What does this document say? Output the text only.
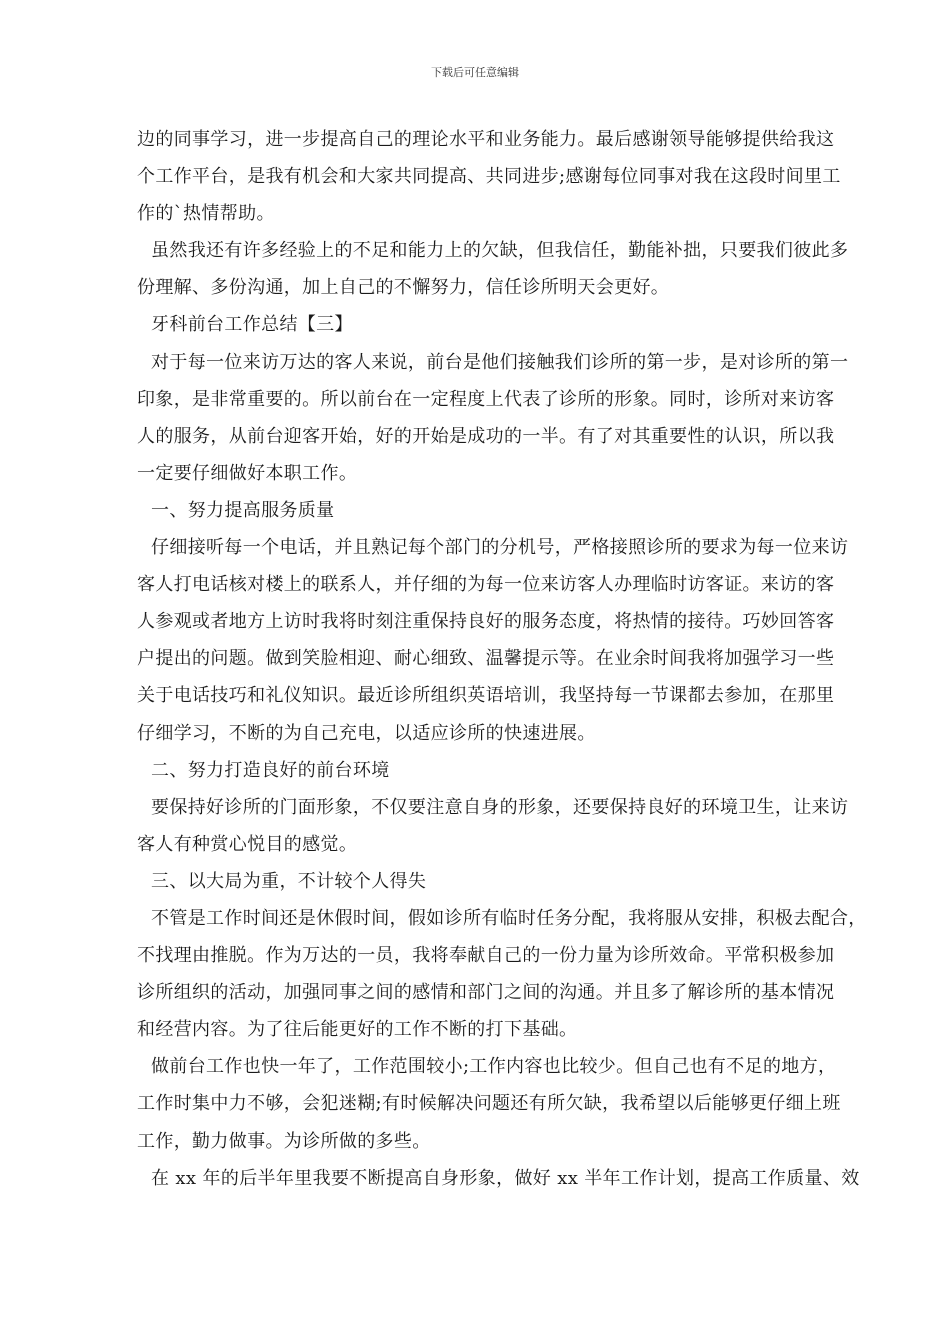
下载后可任意编辑
边的同事学习，进一步提高自己的理论水平和业务能力。最后感谢领导能够提供给我这
个工作平台，是我有机会和大家共同提高、共同进步;感谢每位同事对我在这段时间里工
作的`热情帮助。
虽然我还有许多经验上的不足和能力上的欠缺，但我信任，勤能补拙，只要我们彼此多
份理解、多份沟通，加上自己的不懈努力，信任诊所明天会更好。
牙科前台工作总结【三】
对于每一位来访万达的客人来说，前台是他们接触我们诊所的第一步，是对诊所的第一
印象，是非常重要的。所以前台在一定程度上代表了诊所的形象。同时，诊所对来访客
人的服务，从前台迎客开始，好的开始是成功的一半。有了对其重要性的认识，所以我
一定要仔细做好本职工作。
一、努力提高服务质量
仔细接听每一个电话，并且熟记每个部门的分机号，严格接照诊所的要求为每一位来访
客人打电话核对楼上的联系人，并仔细的为每一位来访客人办理临时访客证。来访的客
人参观或者地方上访时我将时刻注重保持良好的服务态度，将热情的接待。巧妙回答客
户提出的问题。做到笑脸相迎、耐心细致、温馨提示等。在业余时间我将加强学习一些
关于电话技巧和礼仪知识。最近诊所组织英语培训，我坚持每一节课都去参加，在那里
仔细学习，不断的为自己充电，以适应诊所的快速进展。
二、努力打造良好的前台环境
要保持好诊所的门面形象，不仅要注意自身的形象，还要保持良好的环境卫生，让来访
客人有种赏心悦目的感觉。
三、以大局为重，不计较个人得失
不管是工作时间还是休假时间，假如诊所有临时任务分配，我将服从安排，积极去配合，
不找理由推脱。作为万达的一员，我将奉献自己的一份力量为诊所效命。平常积极参加
诊所组织的活动，加强同事之间的感情和部门之间的沟通。并且多了解诊所的基本情况
和经营内容。为了往后能更好的工作不断的打下基础。
做前台工作也快一年了，工作范围较小;工作内容也比较少。但自己也有不足的地方，
工作时集中力不够，会犯迷糊;有时候解决问题还有所欠缺，我希望以后能够更仔细上班
工作，勤力做事。为诊所做的多些。
在 xx 年的后半年里我要不断提高自身形象，做好 xx 半年工作计划，提高工作质量、效
